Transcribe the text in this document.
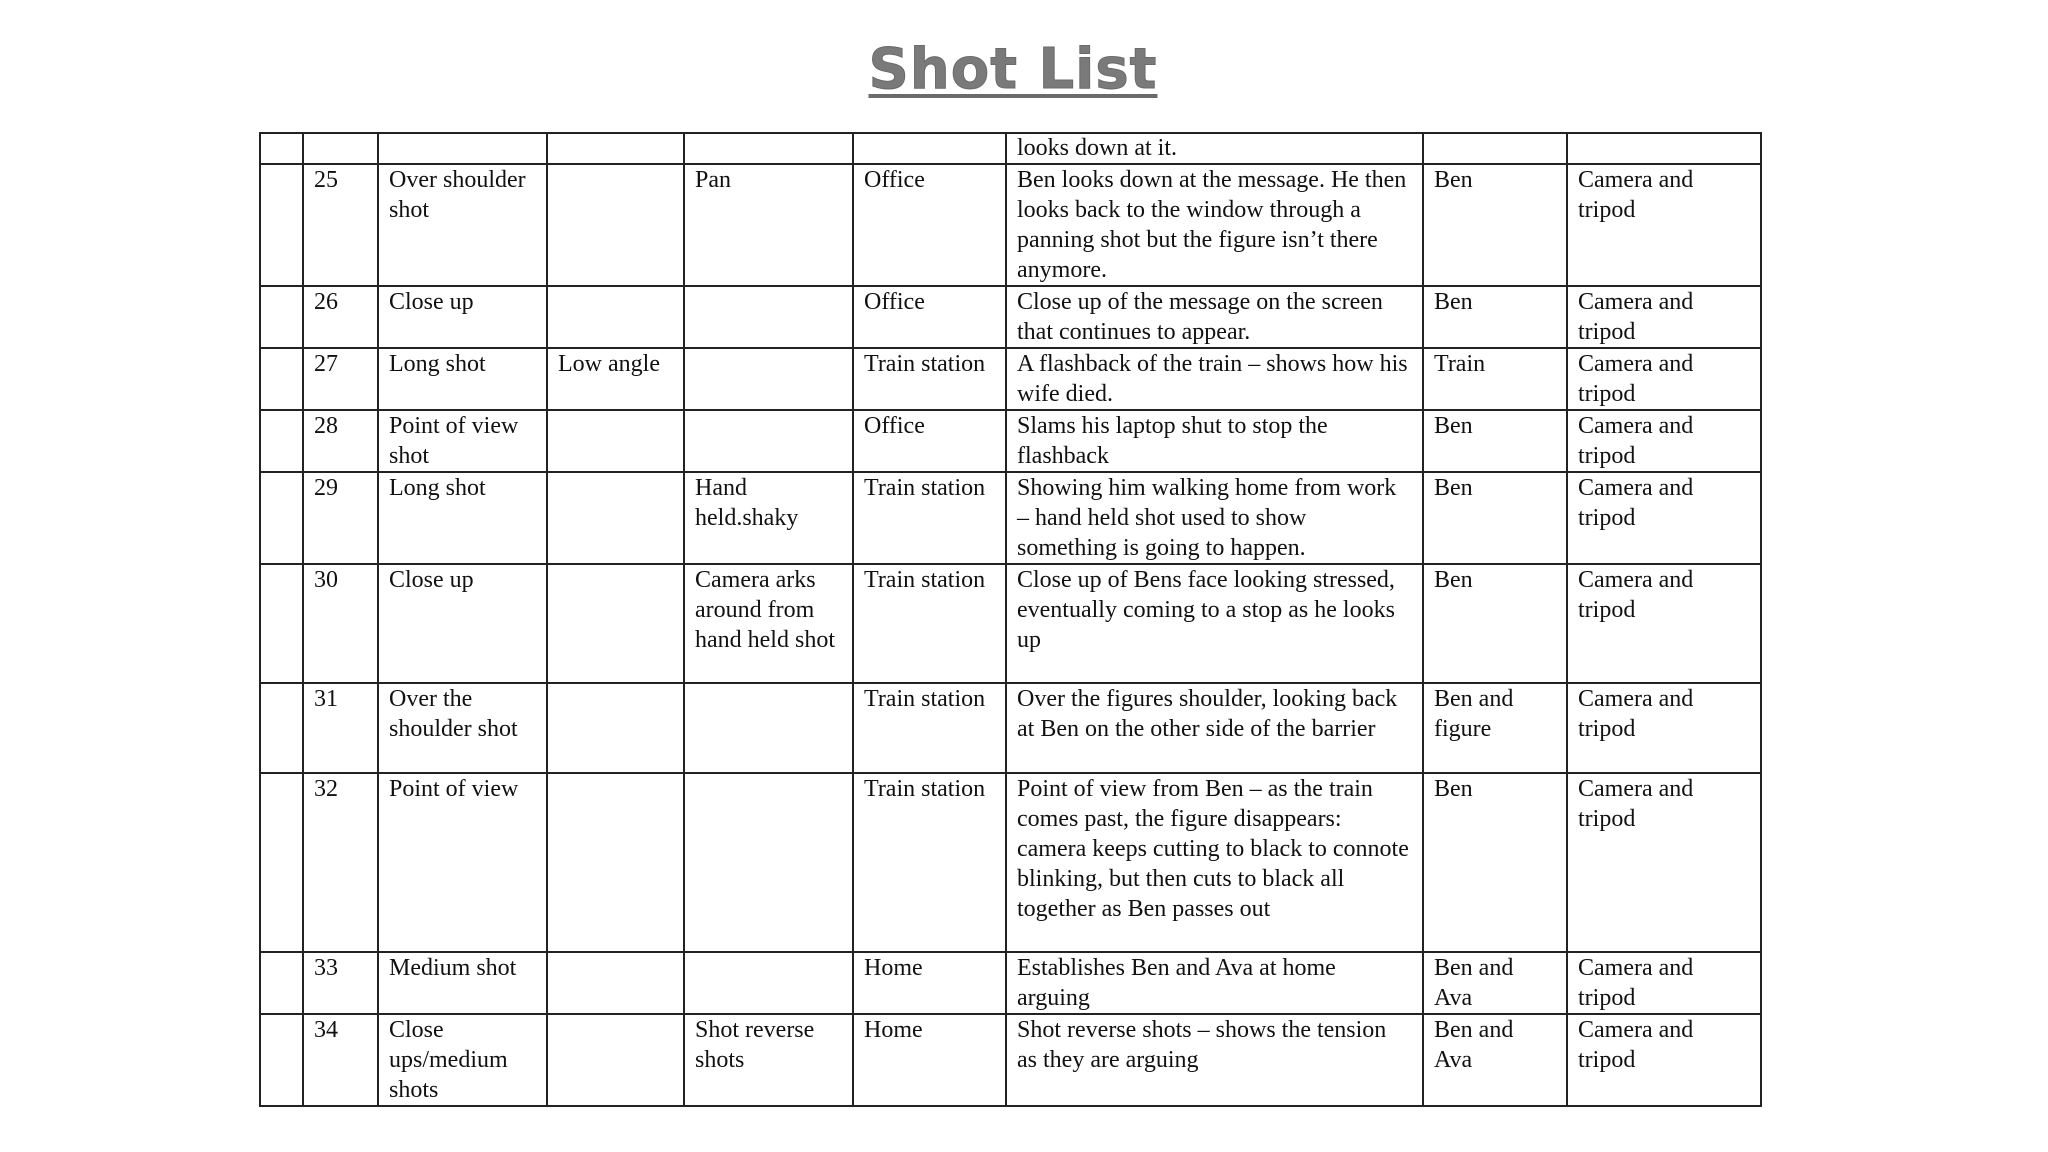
Shot List
						looks down at it.		
	25	Over shoulder shot		Pan	Office	Ben looks down at the message. He then looks back to the window through a panning shot but the figure isn’t there anymore.	Ben	Camera and tripod
	26	Close up			Office	Close up of the message on the screen that continues to appear.	Ben	Camera and tripod
	27	Long shot	Low angle		Train station	A flashback of the train – shows how his wife died.	Train	Camera and tripod
	28	Point of view shot			Office	Slams his laptop shut to stop the flashback	Ben	Camera and tripod
	29	Long shot		Hand held.shaky	Train station	Showing him walking home from work – hand held shot used to show something is going to happen.	Ben	Camera and tripod
	30	Close up		Camera arks around from hand held shot	Train station	Close up of Bens face looking stressed, eventually coming to a stop as he looks up	Ben	Camera and tripod
	31	Over the shoulder shot			Train station	Over the figures shoulder, looking back at Ben on the other side of the barrier	Ben and figure	Camera and tripod
	32	Point of view			Train station	Point of view from Ben – as the train comes past, the figure disappears: camera keeps cutting to black to connote blinking, but then cuts to black all together as Ben passes out	Ben	Camera and tripod
	33	Medium shot			Home	Establishes Ben and Ava at home arguing	Ben and Ava	Camera and tripod
	34	Close ups/medium shots		Shot reverse shots	Home	Shot reverse shots – shows the tension as they are arguing	Ben and Ava	Camera and tripod
